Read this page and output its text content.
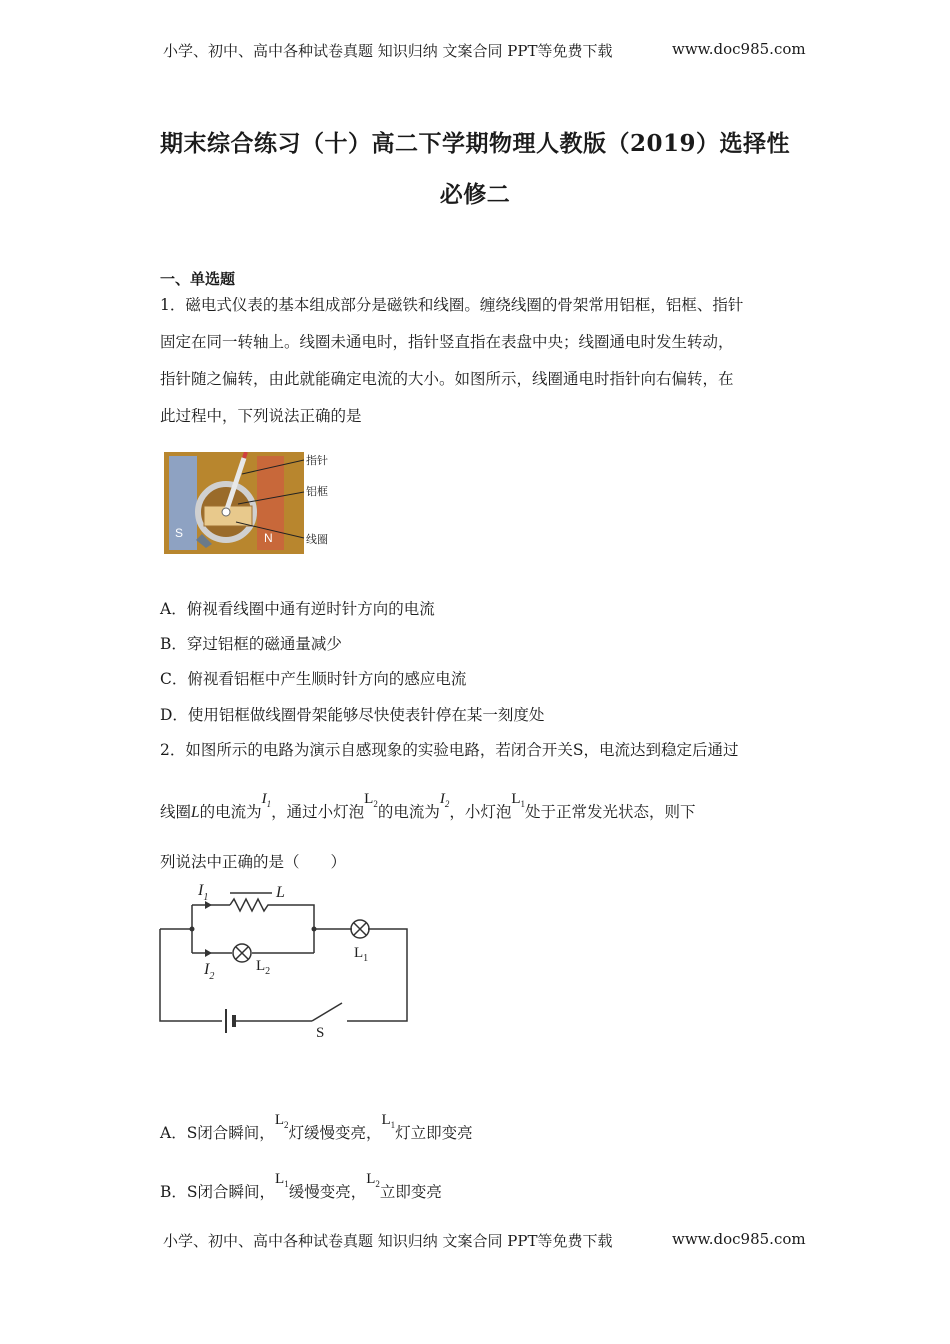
小学、初中、高中各种试卷真题 知识归纳 文案合同 PPT等免费下载	www.doc985.com
期末综合练习（十）高二下学期物理人教版（2019）选择性
必修二
一、单选题
1．磁电式仪表的基本组成部分是磁铁和线圈。缠绕线圈的骨架常用铝框，铝框、指针
固定在同一转轴上。线圈未通电时，指针竖直指在表盘中央；线圈通电时发生转动，
指针随之偏转，由此就能确定电流的大小。如图所示，线圈通电时指针向右偏转，在
此过程中，下列说法正确的是
S	N
指针
铝框
线圈
A．俯视看线圈中通有逆时针方向的电流
B．穿过铝框的磁通量减少
C．俯视看铝框中产生顺时针方向的感应电流
D．使用铝框做线圈骨架能够尽快使表针停在某一刻度处
2．如图所示的电路为演示自感现象的实验电路，若闭合开关S，电流达到稳定后通过
线圈L的电流为$I_1$，通过小灯泡$L_2$的电流为$I_2$，小灯泡$L_1$处于正常发光状态，则下
列说法中正确的是（　　）
$I_1$	L
$L_1$
$I_2$
$L_2$
S
A．S闭合瞬间，$L_2$灯缓慢变亮，$L_1$灯立即变亮
B．S闭合瞬间，$L_1$缓慢变亮，$L_2$立即变亮
小学、初中、高中各种试卷真题 知识归纳 文案合同 PPT等免费下载	www.doc985.com
